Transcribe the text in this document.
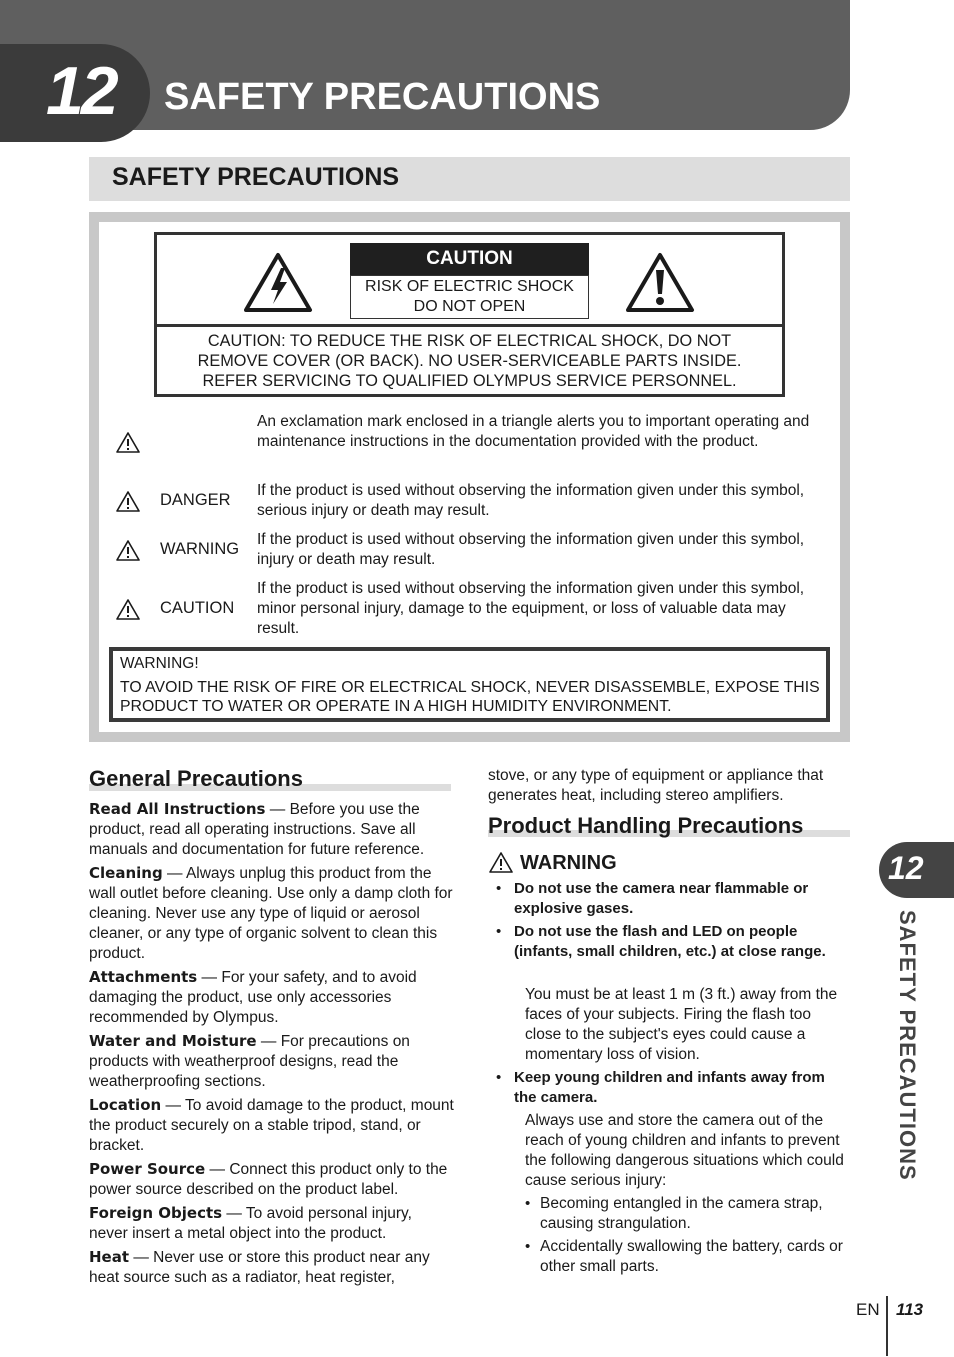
12 SAFETY PRECAUTIONS
SAFETY PRECAUTIONS
CAUTION
RISK OF ELECTRIC SHOCK
DO NOT OPEN
CAUTION: TO REDUCE THE RISK OF ELECTRICAL SHOCK, DO NOT
REMOVE COVER (OR BACK). NO USER-SERVICEABLE PARTS INSIDE.
REFER SERVICING TO QUALIFIED OLYMPUS SERVICE PERSONNEL.
An exclamation mark enclosed in a triangle alerts you to important operating and maintenance instructions in the documentation provided with the product.
DANGER
If the product is used without observing the information given under this symbol, serious injury or death may result.
WARNING
If the product is used without observing the information given under this symbol, injury or death may result.
CAUTION
If the product is used without observing the information given under this symbol, minor personal injury, damage to the equipment, or loss of valuable data may result.
WARNING!
TO AVOID THE RISK OF FIRE OR ELECTRICAL SHOCK, NEVER DISASSEMBLE, EXPOSE THIS PRODUCT TO WATER OR OPERATE IN A HIGH HUMIDITY ENVIRONMENT.
General Precautions

Read All Instructions — Before you use the product, read all operating instructions. Save all manuals and documentation for future reference.

Cleaning — Always unplug this product from the wall outlet before cleaning. Use only a damp cloth for cleaning. Never use any type of liquid or aerosol cleaner, or any type of organic solvent to clean this product.

Attachments — For your safety, and to avoid damaging the product, use only accessories recommended by Olympus.

Water and Moisture — For precautions on products with weatherproof designs, read the weatherproofing sections.

Location — To avoid damage to the product, mount the product securely on a stable tripod, stand, or bracket.

Power Source — Connect this product only to the power source described on the product label.

Foreign Objects — To avoid personal injury, never insert a metal object into the product.

Heat — Never use or store this product near any heat source such as a radiator, heat register,

stove, or any type of equipment or appliance that generates heat, including stereo amplifiers.
Product Handling Precautions
WARNING
• Do not use the camera near flammable or explosive gases.
• Do not use the flash and LED on people (infants, small children, etc.) at close range.
You must be at least 1 m (3 ft.) away from the faces of your subjects. Firing the flash too close to the subject's eyes could cause a momentary loss of vision.
• Keep young children and infants away from the camera.
Always use and store the camera out of the reach of young children and infants to prevent the following dangerous situations which could cause serious injury:
• Becoming entangled in the camera strap, causing strangulation.
• Accidentally swallowing the battery, cards or other small parts.
12
SAFETY PRECAUTIONS
EN 113
